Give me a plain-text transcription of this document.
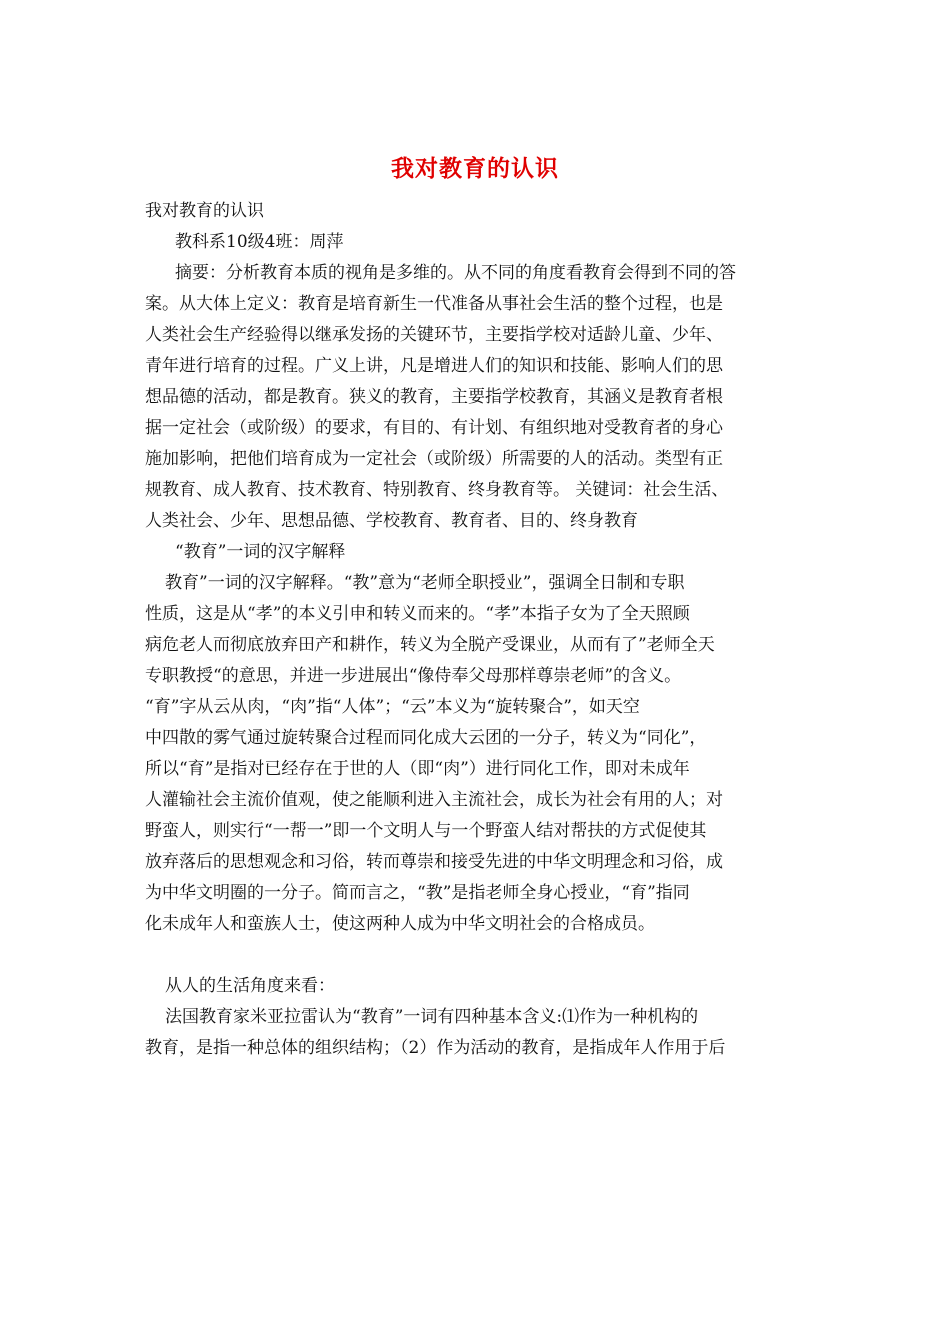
我对教育的认识
我对教育的认识
教科系10级4班：周萍
摘要：分析教育本质的视角是多维的。从不同的角度看教育会得到不同的答
案。从大体上定义：教育是培育新生一代准备从事社会生活的整个过程，也是
人类社会生产经验得以继承发扬的关键环节，主要指学校对适龄儿童、少年、
青年进行培育的过程。广义上讲，凡是增进人们的知识和技能、影响人们的思
想品德的活动，都是教育。狭义的教育，主要指学校教育，其涵义是教育者根
据一定社会（或阶级）的要求，有目的、有计划、有组织地对受教育者的身心
施加影响，把他们培育成为一定社会（或阶级）所需要的人的活动。类型有正
规教育、成人教育、技术教育、特别教育、终身教育等。 关键词：社会生活、
人类社会、少年、思想品德、学校教育、教育者、目的、终身教育
“教育”一词的汉字解释
教育”一词的汉字解释。“教”意为“老师全职授业”，强调全日制和专职
性质，这是从“孝”的本义引申和转义而来的。“孝”本指子女为了全天照顾
病危老人而彻底放弃田产和耕作，转义为全脱产受课业，从而有了”老师全天
专职教授“的意思，并进一步进展出“像侍奉父母那样尊崇老师”的含义。
“育”字从云从肉，“肉”指“人体”；“云”本义为“旋转聚合”，如天空
中四散的雾气通过旋转聚合过程而同化成大云团的一分子，转义为“同化”，
所以“育”是指对已经存在于世的人（即“肉”）进行同化工作，即对未成年
人灌输社会主流价值观，使之能顺利进入主流社会，成长为社会有用的人；对
野蛮人，则实行“一帮一”即一个文明人与一个野蛮人结对帮扶的方式促使其
放弃落后的思想观念和习俗，转而尊崇和接受先进的中华文明理念和习俗，成
为中华文明圈的一分子。简而言之，“教”是指老师全身心授业，“育”指同
化未成年人和蛮族人士，使这两种人成为中华文明社会的合格成员。
从人的生活角度来看：
法国教育家米亚拉雷认为“教育”一词有四种基本含义:⑴作为一种机构的
教育，是指一种总体的组织结构；（2）作为活动的教育，是指成年人作用于后
